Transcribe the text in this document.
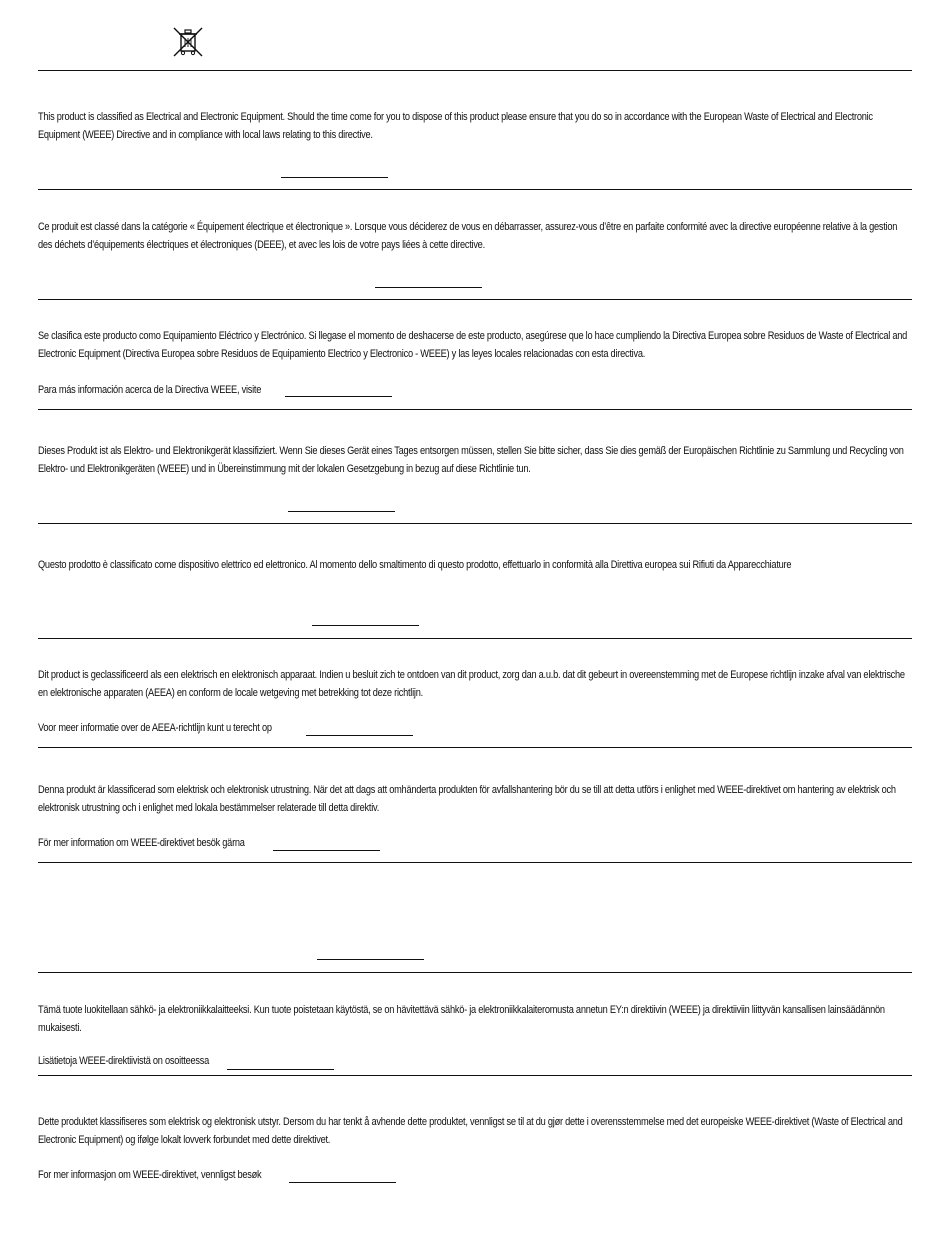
This product is classified as Electrical and Electronic Equipment. Should the time come for you to dispose of this product please ensure that you do so in accordance with the European Waste of Electrical and Electronic Equipment (WEEE) Directive and in compliance with local laws relating to this directive.
Ce produit est classé dans la catégorie « Équipement électrique et électronique ». Lorsque vous déciderez de vous en débarrasser, assurez-vous d’être en parfaite conformité avec la directive européenne relative à la gestion des déchets d’équipements électriques et électroniques (DEEE), et avec les lois de votre pays liées à cette directive.
Se clasifica este producto como Equipamiento Eléctrico y Electrónico. Si llegase el momento de deshacerse de este producto, asegúrese que lo hace cumpliendo la Directiva Europea sobre Residuos de Waste of Electrical and Electronic Equipment (Directiva Europea sobre Residuos de Equipamiento Electrico y Electronico - WEEE) y las leyes locales relacionadas con esta directiva.
Para más información acerca de la Directiva WEEE, visite
Dieses Produkt ist als Elektro- und Elektronikgerät klassifiziert. Wenn Sie dieses Gerät eines Tages entsorgen müssen, stellen Sie bitte sicher, dass Sie dies gemäß der Europäischen Richtlinie zu Sammlung und Recycling von Elektro- und Elektronikgeräten (WEEE) und in Übereinstimmung mit der lokalen Gesetzgebung in bezug auf diese Richtlinie tun.
Questo prodotto è classificato come dispositivo elettrico ed elettronico. Al momento dello smaltimento di questo prodotto, effettuarlo in conformità alla Direttiva europea sui Rifiuti da Apparecchiature
Dit product is geclassificeerd als een elektrisch en elektronisch apparaat. Indien u besluit zich te ontdoen van dit product, zorg dan a.u.b. dat dit gebeurt in overeenstemming met de Europese richtlijn inzake afval van elektrische en elektronische apparaten (AEEA) en conform de locale wetgeving met betrekking tot deze richtlijn.
Voor meer informatie over de AEEA-richtlijn kunt u terecht op
Denna produkt är klassificerad som elektrisk och elektronisk utrustning. När det att dags att omhänderta produkten för avfallshantering bör du se till att detta utförs i enlighet med WEEE-direktivet om hantering av elektrisk och elektronisk utrustning och i enlighet med lokala bestämmelser relaterade till detta direktiv.
För mer information om WEEE-direktivet besök gärna
Tämä tuote luokitellaan sähkö- ja elektroniikkalaitteeksi. Kun tuote poistetaan käytöstä, se on hävitettävä sähkö- ja elektroniikkalaiteromusta annetun EY:n direktiivin (WEEE) ja direktiiviin liittyvän kansallisen lainsäädännön mukaisesti.
Lisätietoja WEEE-direktiivistä on osoitteessa
Dette produktet klassifiseres som elektrisk og elektronisk utstyr. Dersom du har tenkt å avhende dette produktet, vennligst se til at du gjør dette i overensstemmelse med det europeiske WEEE-direktivet (Waste of Electrical and Electronic Equipment) og ifølge lokalt lovverk forbundet med dette direktivet.
For mer informasjon om WEEE-direktivet, vennligst besøk
